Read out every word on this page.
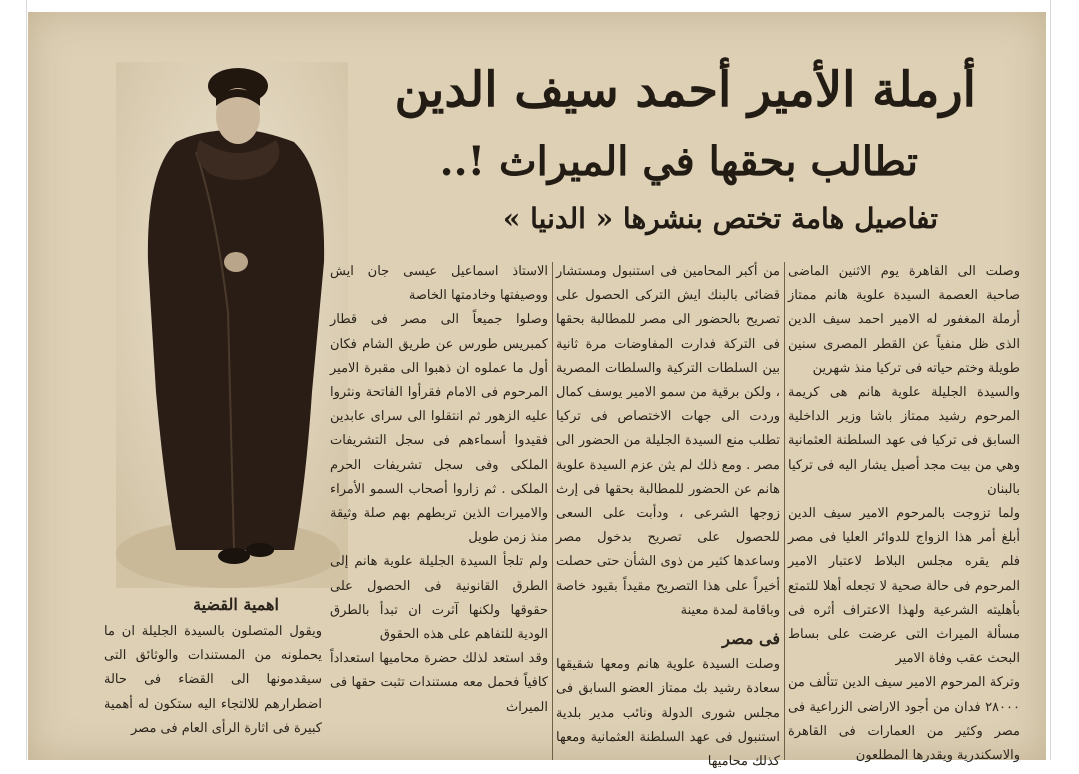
أرملة الأمير أحمد سيف الدين
تطالب بحقها في الميراث !..
تفاصيل هامة تختص بنشرها « الدنيا »
اهمية القضية

وصلت الى القاهرة يوم الاثنين الماضى صاحبة العصمة السيدة علوية هانم ممتاز أرملة المغفور له الامير احمد سيف الدين الذى ظل منفياً عن القطر المصرى سنين طويلة وختم حياته فى تركيا منذ شهرين

والسيدة الجليلة علوية هانم هى كريمة المرحوم رشيد ممتاز باشا وزير الداخلية السابق فى تركيا فى عهد السلطنة العثمانية وهي من بيت مجد أصيل يشار اليه فى تركيا بالبنان

ولما تزوجت بالمرحوم الامير سيف الدين أبلغ أمر هذا الزواج للدوائر العليا فى مصر فلم يقره مجلس البلاط لاعتبار الامير المرحوم فى حالة صحية لا تجعله أهلا للتمتع بأهليته الشرعية ولهذا الاعتراف أثره فى مسألة الميراث التى عرضت على بساط البحث عقب وفاة الامير

وتركة المرحوم الامير سيف الدين تتألف من ٢٨٠٠٠ فدان من أجود الاراضى الزراعية فى مصر وكثير من العمارات فى القاهرة والاسكندرية ويقدرها المطلعون

من أكبر المحامين فى استنبول ومستشار قضائى بالبنك ايش التركى الحصول على تصريح بالحضور الى مصر للمطالبة بحقها فى التركة فدارت المفاوضات مرة ثانية بين السلطات التركية والسلطات المصرية ، ولكن برقية من سمو الامير يوسف كمال وردت الى جهات الاختصاص فى تركيا تطلب منع السيدة الجليلة من الحضور الى مصر . ومع ذلك لم يثن عزم السيدة علوية هانم عن الحضور للمطالبة بحقها فى إرث زوجها الشرعى ، ودأبت على السعى للحصول على تصريح بدخول مصر وساعدها كثير من ذوى الشأن حتى حصلت أخيراً على هذا التصريح مقيداً بقيود خاصة وباقامة لمدة معينة

فى مصر

وصلت السيدة علوية هانم ومعها شقيقها سعادة رشيد بك ممتاز العضو السابق فى مجلس شورى الدولة ونائب مدير بلدية استنبول فى عهد السلطنة العثمانية ومعها كذلك محاميها

الاستاذ اسماعيل عيسى جان ايش ووصيفتها وخادمتها الخاصة

وصلوا جميعاً الى مصر فى قطار كمبريس طورس عن طريق الشام فكان أول ما عملوه ان ذهبوا الى مقبرة الامير المرحوم فى الامام فقرأوا الفاتحة ونثروا عليه الزهور ثم انتقلوا الى سراى عابدين فقيدوا أسماءهم فى سجل التشريفات الملكى وفى سجل تشريفات الحرم الملكى . ثم زاروا أصحاب السمو الأمراء والاميرات الذين تربطهم بهم صلة وثيقة منذ زمن طويل

ولم تلجأ السيدة الجليلة علوية هانم إلى الطرق القانونية فى الحصول على حقوقها ولكنها آثرت ان تبدأ بالطرق الودية للتفاهم على هذه الحقوق

وقد استعد لذلك حضرة محاميها استعداداً كافياً فحمل معه مستندات تثبت حقها فى الميراث

ويقول المتصلون بالسيدة الجليلة ان ما يحملونه من المستندات والوثائق التى سيقدمونها الى القضاء فى حالة اضطرارهم للالتجاء اليه ستكون له أهمية كبيرة فى اثارة الرأى العام فى مصر
